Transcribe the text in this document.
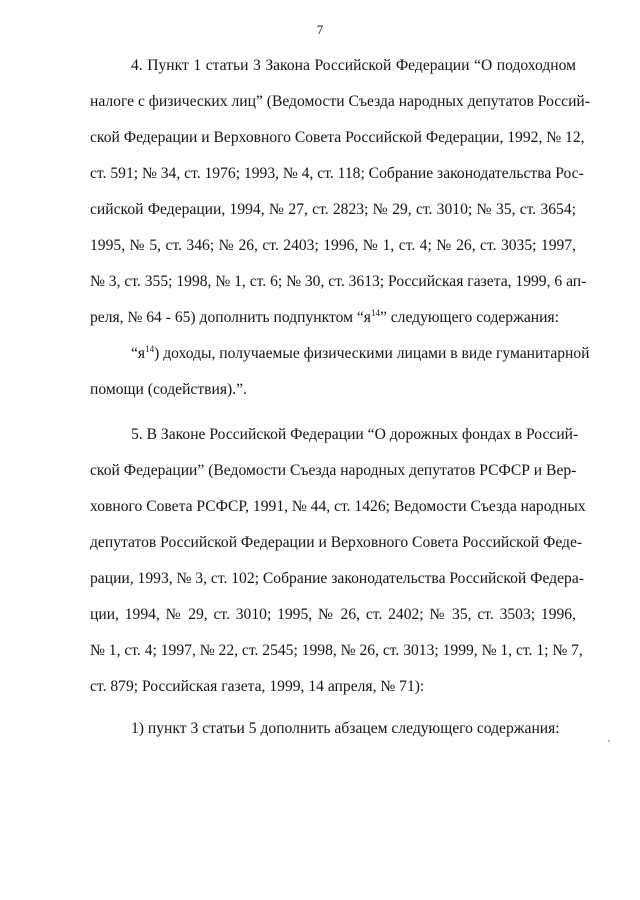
7
4. Пункт 1 статьи 3 Закона Российской Федерации “О подоходном
налоге с физических лиц” (Ведомости Съезда народных депутатов Россий-
ской Федерации и Верховного Совета Российской Федерации, 1992, № 12,
ст. 591; № 34, ст. 1976; 1993, № 4, ст. 118; Собрание законодательства Рос-
сийской Федерации, 1994, № 27, ст. 2823; № 29, ст. 3010; № 35, ст. 3654;
1995, № 5, ст. 346; № 26, ст. 2403; 1996, № 1, ст. 4; № 26, ст. 3035; 1997,
№ 3, ст. 355; 1998, № 1, ст. 6; № 30, ст. 3613; Российская газета, 1999, 6 ап-
реля, № 64 - 65) дополнить подпунктом “$я^{14}$” следующего содержания:
“$я^{14}$) доходы, получаемые физическими лицами в виде гуманитарной
помощи (содействия).”.
5. В Законе Российской Федерации “О дорожных фондах в Россий-
ской Федерации” (Ведомости Съезда народных депутатов РСФСР и Вер-
ховного Совета РСФСР, 1991, № 44, ст. 1426; Ведомости Съезда народных
депутатов Российской Федерации и Верховного Совета Российской Феде-
рации, 1993, № 3, ст. 102; Собрание законодательства Российской Федера-
ции, 1994, № 29, ст. 3010; 1995, № 26, ст. 2402; № 35, ст. 3503; 1996,
№ 1, ст. 4; 1997, № 22, ст. 2545; 1998, № 26, ст. 3013; 1999, № 1, ст. 1; № 7,
ст. 879; Российская газета, 1999, 14 апреля, № 71):
1) пункт 3 статьи 5 дополнить абзацем следующего содержания:
